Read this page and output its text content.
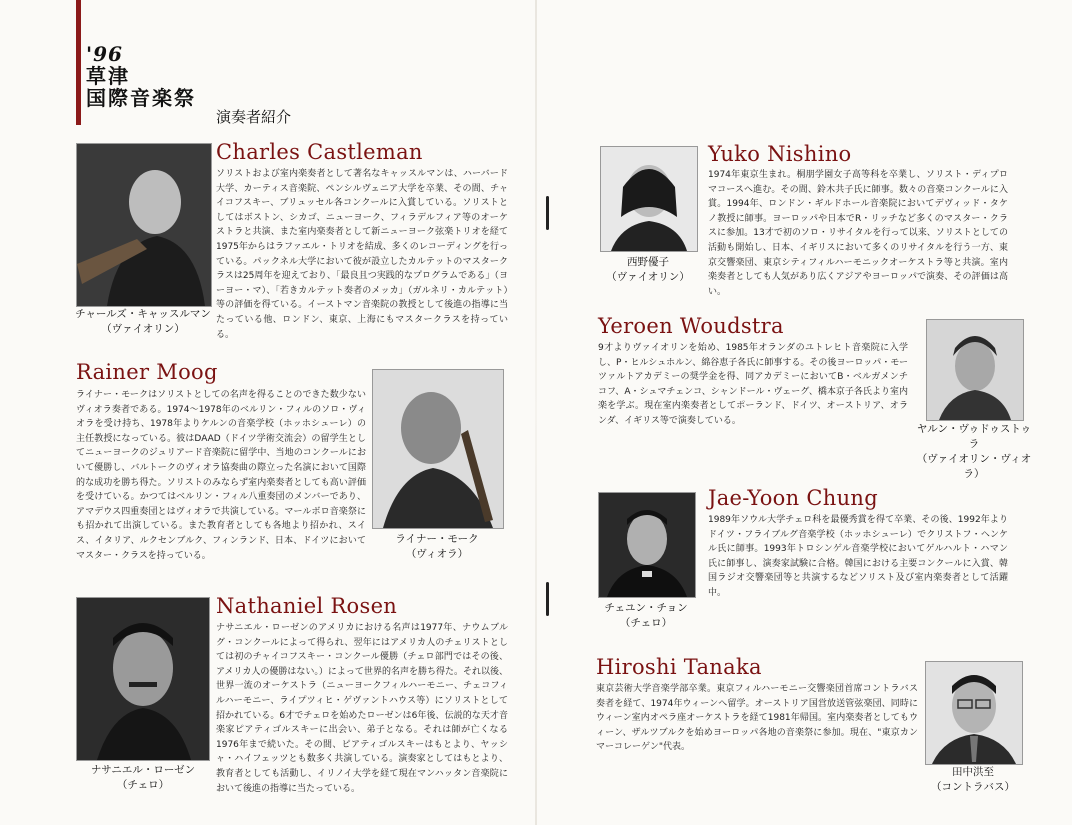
'96
草津
国際音楽祭
演奏者紹介
Charles Castleman
ソリストおよび室内楽奏者として著名なキャッスルマンは、ハーバード大学、カーティス音楽院、ペンシルヴェニア大学を卒業、その間、チャイコフスキー、ブリュッセル各コンクールに入賞している。ソリストとしてはボストン、シカゴ、ニューヨーク、フィラデルフィア等のオーケストラと共演、また室内楽奏者として新ニューヨーク弦楽トリオを経て1975年からはラファエル・トリオを結成、多くのレコーディングを行っている。パックネル大学において彼が設立したカルテットのマスタークラスは25周年を迎えており、「最良且つ実践的なプログラムである」（ヨーヨー・マ）、「若きカルテット奏者のメッカ」（ガルネリ・カルテット）等の評価を得ている。イーストマン音楽院の教授として後進の指導に当たっている他、ロンドン、東京、上海にもマスタークラスを持っている。
チャールズ・キャッスルマン
（ヴァイオリン）
Rainer Moog
ライナー・モークはソリストとしての名声を得ることのできた数少ないヴィオラ奏者である。1974〜1978年のベルリン・フィルのソロ・ヴィオラを受け持ち、1978年よりケルンの音楽学校（ホッホシューレ）の主任教授になっている。彼はDAAD（ドイツ学術交流会）の留学生としてニューヨークのジュリアード音楽院に留学中、当地のコンクールにおいて優勝し、バルトークのヴィオラ協奏曲の際立った名演において国際的な成功を勝ち得た。ソリストのみならず室内楽奏者としても高い評価を受けている。かつてはベルリン・フィル八重奏団のメンバーであり、アマデウス四重奏団とはヴィオラで共演している。マールボロ音楽祭にも招かれて出演している。また教育者としても各地より招かれ、スイス、イタリア、ルクセンブルク、フィンランド、日本、ドイツにおいてマスター・クラスを持っている。
ライナー・モーク
（ヴィオラ）
Nathaniel Rosen
ナサニエル・ローゼンのアメリカにおける名声は1977年、ナウムブルグ・コンクールによって得られ、翌年にはアメリカ人のチェリストとしては初のチャイコフスキー・コンクール優勝（チェロ部門ではその後、アメリカ人の優勝はない。）によって世界的名声を勝ち得た。それ以後、世界一流のオーケストラ（ニューヨークフィルハーモニー、チェコフィルハーモニー、ライプツィヒ・ゲヴァントハウス等）にソリストとして招かれている。6才でチェロを始めたローゼンは6年後、伝説的な天才音楽家ピアティゴルスキーに出会い、弟子となる。それは師が亡くなる1976年まで続いた。その間、ピアティゴルスキーはもとより、ヤッシャ・ハイフェッツとも数多く共演している。演奏家としてはもとより、教育者としても活動し、イリノイ大学を経て現在マンハッタン音楽院において後進の指導に当たっている。
ナサニエル・ローゼン
（チェロ）
西野優子
（ヴァイオリン）
Yuko Nishino
1974年東京生まれ。桐朋学園女子高等科を卒業し、ソリスト・ディプロマコースへ進む。その間、鈴木共子氏に師事。数々の音楽コンクールに入賞。1994年、ロンドン・ギルドホール音楽院においてデヴィッド・タケノ教授に師事。ヨーロッパや日本でR・リッチなど多くのマスター・クラスに参加。13才で初のソロ・リサイタルを行って以来、ソリストとしての活動も開始し、日本、イギリスにおいて多くのリサイタルを行う一方、東京交響楽団、東京シティフィルハーモニックオーケストラ等と共演。室内楽奏者としても人気があり広くアジアやヨーロッパで演奏、その評価は高い。
Yeroen Woudstra
9才よりヴァイオリンを始め、1985年オランダのユトレヒト音楽院に入学し、P・ヒルシュホルン、綿谷恵子各氏に師事する。その後ヨーロッパ・モーツァルトアカデミーの奨学金を得、同アカデミーにおいてB・ベルガメンチコフ、A・シュマチェンコ、シャンドール・ヴェーグ、橋本京子各氏より室内楽を学ぶ。現在室内楽奏者としてポーランド、ドイツ、オーストリア、オランダ、イギリス等で演奏している。
ヤルン・ヴゥドゥストゥラ
（ヴァイオリン・ヴィオラ）
チェユン・チョン
（チェロ）
Jae-Yoon Chung
1989年ソウル大学チェロ科を最優秀賞を得て卒業、その後、1992年よりドイツ・フライブルグ音楽学校（ホッホシューレ）でクリストフ・ヘンケル氏に師事。1993年トロシンゲル音楽学校においてゲルハルト・ハマン氏に師事し、演奏家試験に合格。韓国における主要コンクールに入賞、韓国ラジオ交響楽団等と共演するなどソリスト及び室内楽奏者として活躍中。
Hiroshi Tanaka
東京芸術大学音楽学部卒業。東京フィルハーモニー交響楽団首席コントラバス奏者を経て、1974年ウィーンへ留学。オーストリア国営放送管弦楽団、同時にウィーン室内オペラ座オーケストラを経て1981年帰国。室内楽奏者としてもウィーン、ザルツブルクを始めヨーロッパ各地の音楽祭に参加。現在、"東京カンマーコレーゲン"代表。
田中洪至
（コントラバス）
